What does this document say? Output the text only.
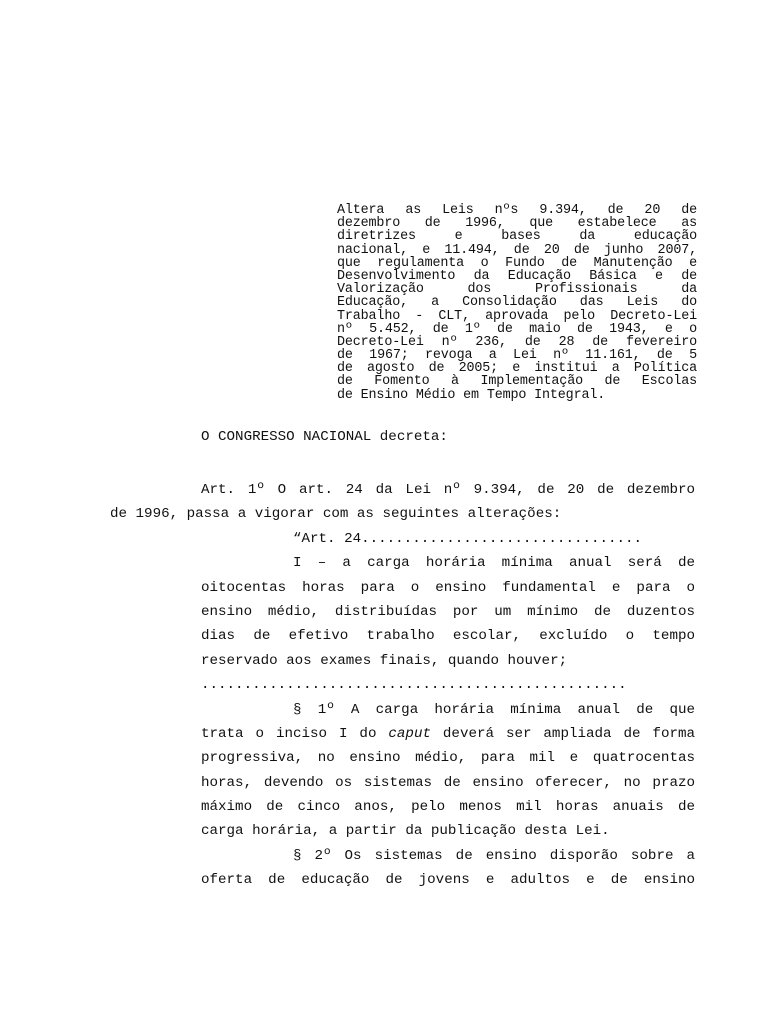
Altera as Leis nºs 9.394, de 20 de
dezembro de 1996, que estabelece as
diretrizes e bases da educação
nacional, e 11.494, de 20 de junho 2007,
que regulamenta o Fundo de Manutenção e
Desenvolvimento da Educação Básica e de
Valorização dos Profissionais da
Educação, a Consolidação das Leis do
Trabalho - CLT, aprovada pelo Decreto-Lei
nº 5.452, de 1º de maio de 1943, e o
Decreto-Lei nº 236, de 28 de fevereiro
de 1967; revoga a Lei nº 11.161, de 5
de agosto de 2005; e institui a Política
de Fomento à Implementação de Escolas
de Ensino Médio em Tempo Integral.
O CONGRESSO NACIONAL decreta:
Art. 1º O art. 24 da Lei nº 9.394, de 20 de dezembro
de 1996, passa a vigorar com as seguintes alterações:
“Art. 24.................................
I – a carga horária mínima anual será de
oitocentas horas para o ensino fundamental e para o
ensino médio, distribuídas por um mínimo de duzentos
dias de efetivo trabalho escolar, excluído o tempo
reservado aos exames finais, quando houver;
..................................................
§ 1º A carga horária mínima anual de que
trata o inciso I do caput deverá ser ampliada de forma
progressiva, no ensino médio, para mil e quatrocentas
horas, devendo os sistemas de ensino oferecer, no prazo
máximo de cinco anos, pelo menos mil horas anuais de
carga horária, a partir da publicação desta Lei.
§ 2º Os sistemas de ensino disporão sobre a
oferta de educação de jovens e adultos e de ensino
